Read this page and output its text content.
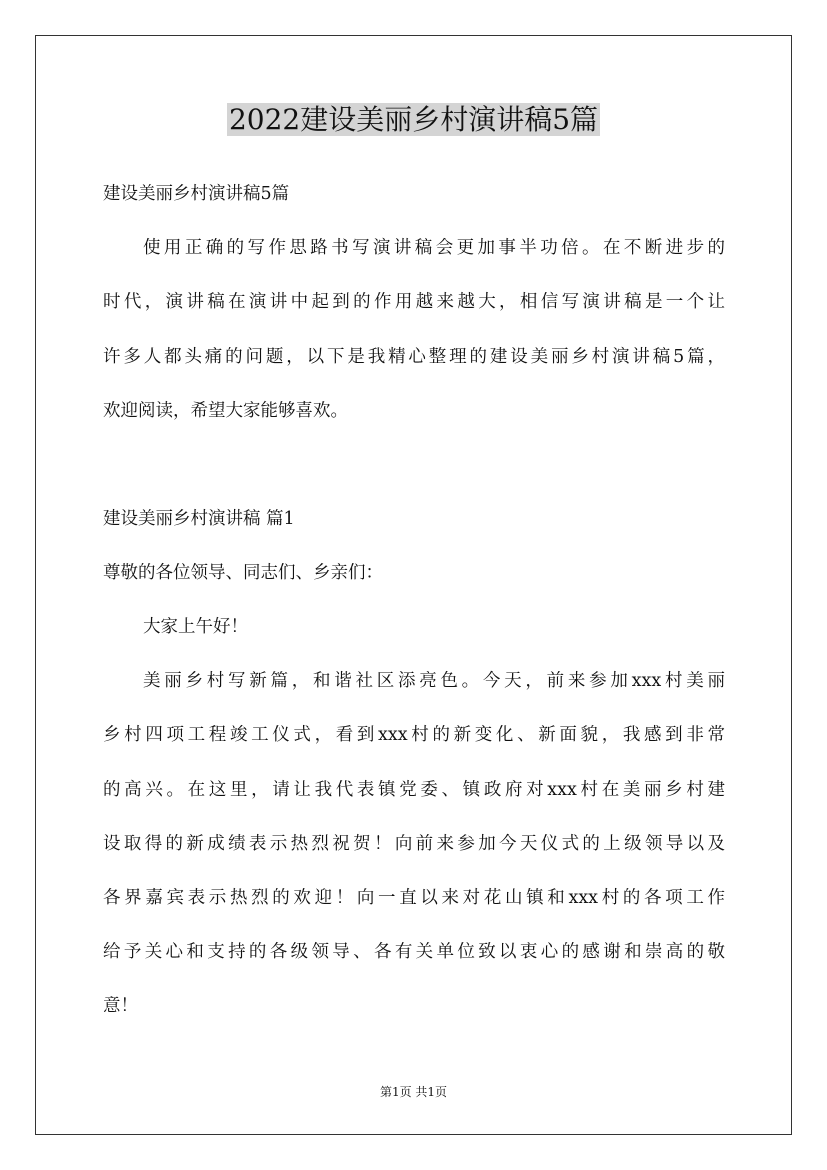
2022建设美丽乡村演讲稿5篇
建设美丽乡村演讲稿5篇
使用正确的写作思路书写演讲稿会更加事半功倍。在不断进步的
时代，演讲稿在演讲中起到的作用越来越大，相信写演讲稿是一个让
许多人都头痛的问题，以下是我精心整理的建设美丽乡村演讲稿5篇，
欢迎阅读，希望大家能够喜欢。
建设美丽乡村演讲稿 篇1
尊敬的各位领导、同志们、乡亲们：
大家上午好！
美丽乡村写新篇，和谐社区添亮色。今天，前来参加xxx村美丽
乡村四项工程竣工仪式，看到xxx村的新变化、新面貌，我感到非常
的高兴。在这里，请让我代表镇党委、镇政府对xxx村在美丽乡村建
设取得的新成绩表示热烈祝贺！向前来参加今天仪式的上级领导以及
各界嘉宾表示热烈的欢迎！向一直以来对花山镇和xxx村的各项工作
给予关心和支持的各级领导、各有关单位致以衷心的感谢和崇高的敬
意！
第1页 共1页
